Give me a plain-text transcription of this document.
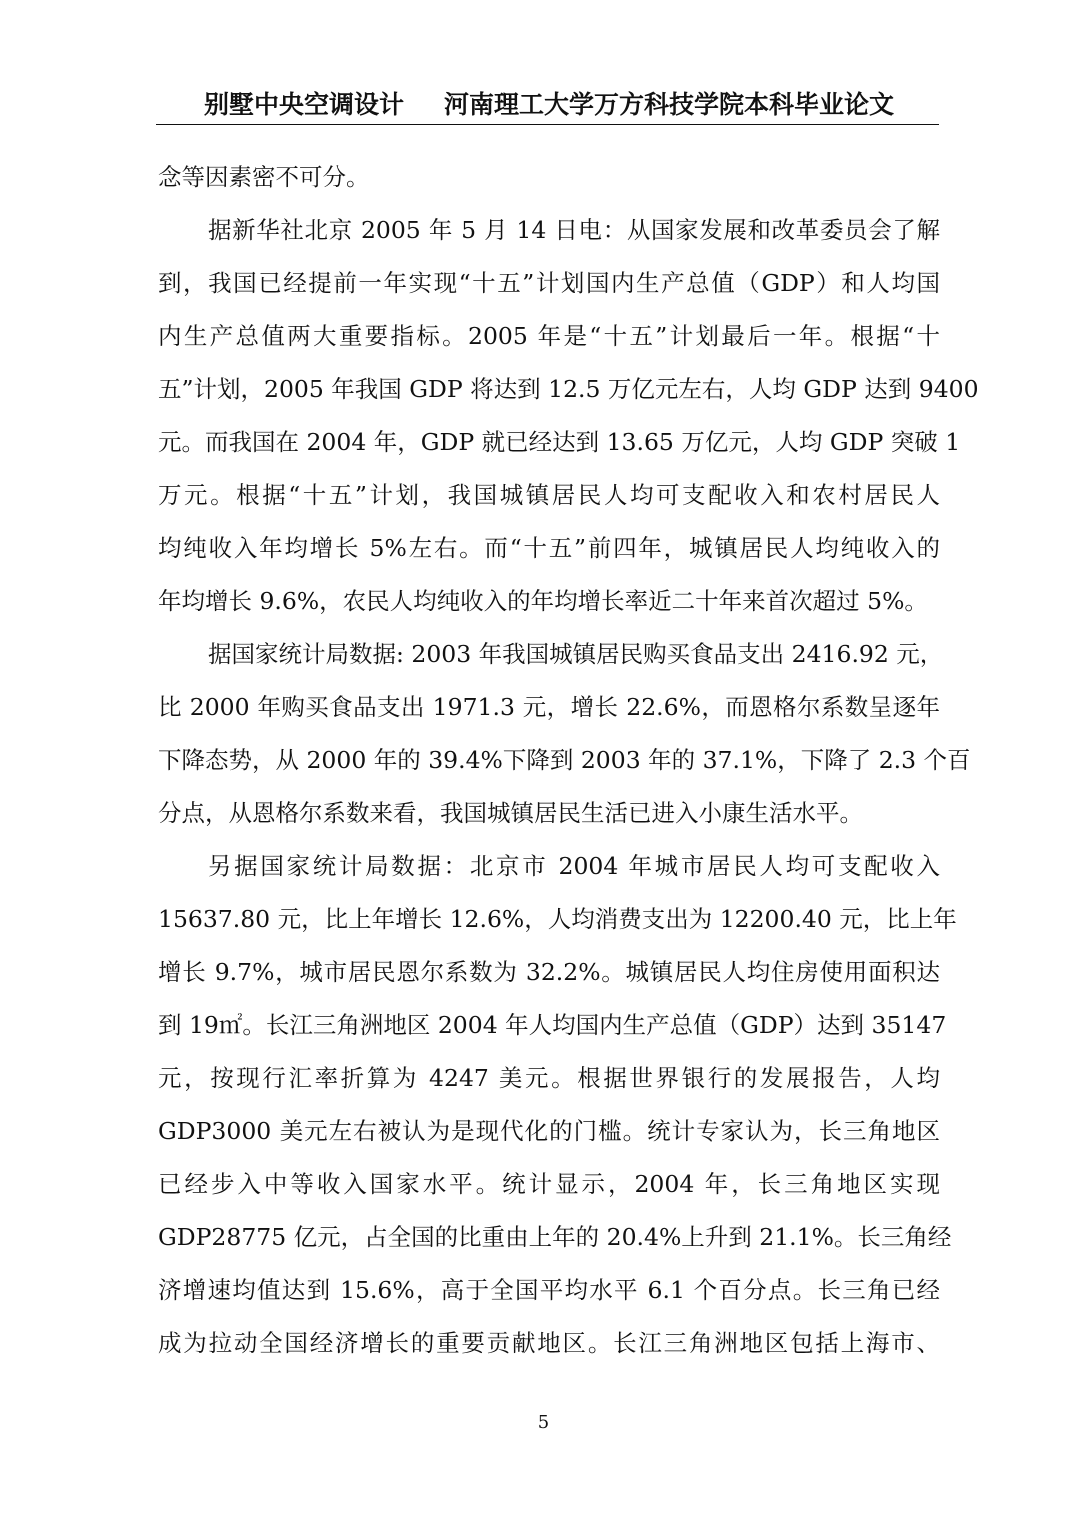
别墅中央空调设计 河南理工大学万方科技学院本科毕业论文
念等因素密不可分。
据新华社北京 2005 年 5 月 14 日电：从国家发展和改革委员会了解
到，我国已经提前一年实现“十五”计划国内生产总值（GDP）和人均国
内生产总值两大重要指标。2005 年是“十五”计划最后一年。根据“十
五”计划，2005 年我国 GDP 将达到 12.5 万亿元左右，人均 GDP 达到 9400
元。而我国在 2004 年，GDP 就已经达到 13.65 万亿元，人均 GDP 突破 1
万元。根据“十五”计划，我国城镇居民人均可支配收入和农村居民人
均纯收入年均增长 5%左右。而“十五”前四年，城镇居民人均纯收入的
年均增长 9.6%，农民人均纯收入的年均增长率近二十年来首次超过 5%。
据国家统计局数据: 2003 年我国城镇居民购买食品支出 2416.92 元，
比 2000 年购买食品支出 1971.3 元，增长 22.6%，而恩格尔系数呈逐年
下降态势，从 2000 年的 39.4%下降到 2003 年的 37.1%，下降了 2.3 个百
分点，从恩格尔系数来看，我国城镇居民生活已进入小康生活水平。
另据国家统计局数据：北京市 2004 年城市居民人均可支配收入
15637.80 元，比上年增长 12.6%，人均消费支出为 12200.40 元，比上年
增长 9.7%，城市居民恩尔系数为 32.2%。城镇居民人均住房使用面积达
到 19㎡。长江三角洲地区 2004 年人均国内生产总值（GDP）达到 35147
元，按现行汇率折算为 4247 美元。根据世界银行的发展报告，人均
GDP3000 美元左右被认为是现代化的门槛。统计专家认为，长三角地区
已经步入中等收入国家水平。统计显示，2004 年，长三角地区实现
GDP28775 亿元，占全国的比重由上年的 20.4%上升到 21.1%。长三角经
济增速均值达到 15.6%，高于全国平均水平 6.1 个百分点。长三角已经
成为拉动全国经济增长的重要贡献地区。长江三角洲地区包括上海市、
5
